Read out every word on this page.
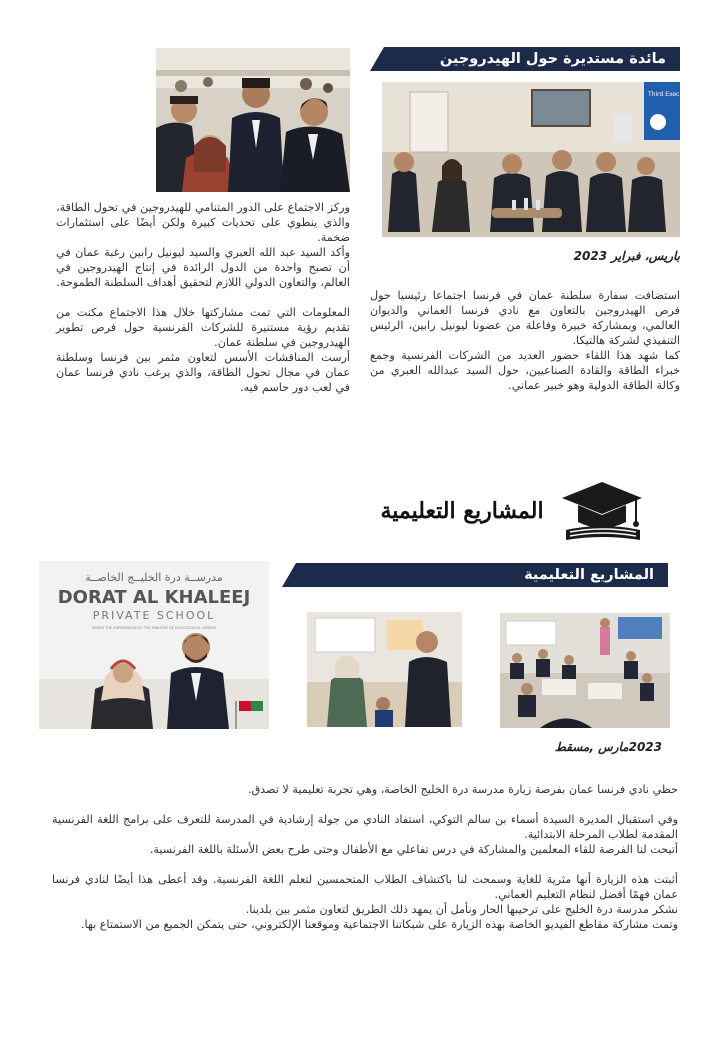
مائدة مستديرة حول الهيدروجين
Third Exec Roundtable

وركز الاجتماع على الدور المتنامي للهيدروجين في تحول الطاقة، والذي ينطوي على تحديات كبيرة ولكن أيضًا على استثمارات ضخمة.

وأكد السيد عبد الله العبري والسيد ليونيل رابين رغبة عمان في أن تصبح واحدة من الدول الرائدة في إنتاج الهيدروجين في العالم، والتعاون الدولي اللازم لتحقيق أهداف السلطنة الطموحة.

المعلومات التي تمت مشاركتها خلال هذا الاجتماع مكنت من تقديم رؤية مستنيرة للشركات الفرنسية حول فرص تطوير الهيدروجين في سلطنة عمان.

أرست المناقشات الأسس لتعاون مثمر بين فرنسا وسلطنة عمان في مجال تحول الطاقة، والذي يرغب نادي فرنسا عمان في لعب دور حاسم فيه.

باريس، فبراير 2023

استضافت سفارة سلطنة عمان في فرنسا اجتماعا رئيسيا حول فرص الهيدروجين بالتعاون مع نادي فرنسا العماني والديوان العالمي، وبمشاركة خبيرة وفاعلة من عضونا ليونيل رابين، الرئيس التنفيذي لشركة هالتيكا.

كما شهد هذا اللقاء حضور العديد من الشركات الفرنسية وجمع خبراء الطاقة والقادة الصناعيين، حول السيد عبدالله العبري من وكالة الطاقة الدولية وهو خبير عماني.

المشاريع التعليمية
المشاريع التعليمية
مدرســة درة الخليــج الخاصــة
DORAT AL KHALEEJ
PRIVATE SCHOOL
UNDER THE SUPERVISION OF THE MINISTRY OF EDUCATION AL AMERAT
2023مارس ,مسقط

حظي نادي فرنسا عمان بفرصة زيارة مدرسة درة الخليج الخاصة، وهي تجربة تعليمية لا تصدق.

وفي استقبال المديرة السيدة أسماء بن سالم التوكي، استفاد النادي من جولة إرشادية في المدرسة للتعرف على برامج اللغة الفرنسية المقدمة لطلاب المرحلة الابتدائية.

أتيحت لنا الفرصة للقاء المعلمين والمشاركة في درس تفاعلي مع الأطفال وحتى طرح بعض الأسئلة باللغة الفرنسية.

أثبتت هذه الزيارة أنها مثرية للغاية وسمحت لنا باكتشاف الطلاب المتحمسين لتعلم اللغة الفرنسية. وقد أعطى هذا أيضًا لنادي فرنسا عمان فهمًا أفضل لنظام التعليم العماني.

نشكر مدرسة درة الخليج على ترحيبها الحار ونأمل أن يمهد ذلك الطريق لتعاون مثمر بين بلدينا.

وتمت مشاركة مقاطع الفيديو الخاصة بهذه الزيارة على شبكاتنا الاجتماعية وموقعنا الإلكتروني، حتى يتمكن الجميع من الاستمتاع بها.
